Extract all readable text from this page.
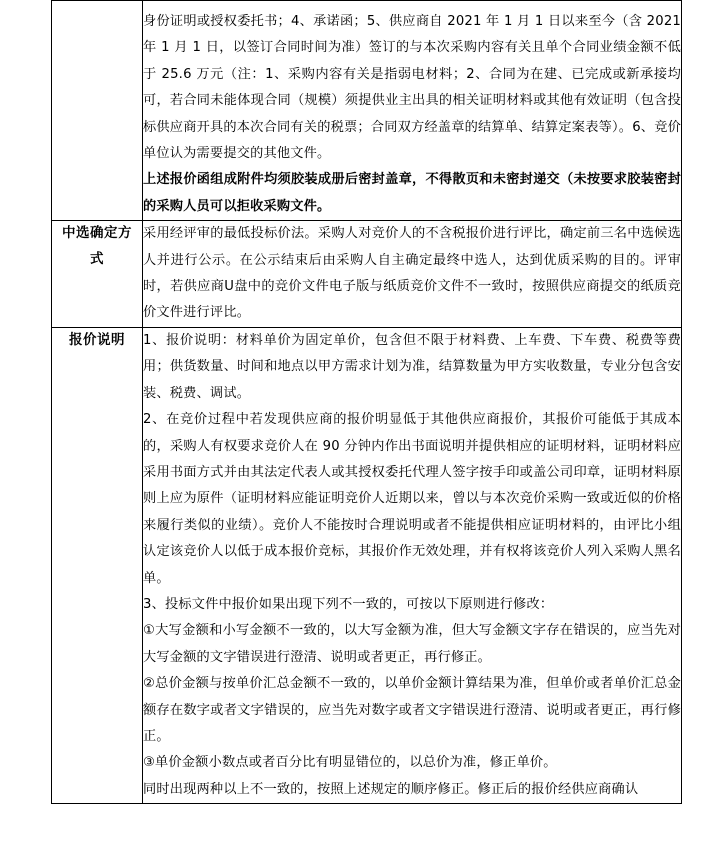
	身份证明或授权委托书；4、承诺函；5、供应商自 2021 年 1 月 1 日以来至今（含 2021 年 1 月 1 日，以签订合同时间为准）签订的与本次采购内容有关且单个合同业绩金额不低于 25.6 万元（注：1、采购内容有关是指弱电材料；2、合同为在建、已完成或新承接均可，若合同未能体现合同（规模）须提供业主出具的相关证明材料或其他有效证明（包含投标供应商开具的本次合同有关的税票；合同双方经盖章的结算单、结算定案表等）。6、竞价单位认为需要提交的其他文件。

上述报价函组成附件均须胶装成册后密封盖章，不得散页和未密封递交（未按要求胶装密封的采购人员可以拒收采购文件。

中选确定方
式	采用经评审的最低投标价法。采购人对竞价人的不含税报价进行评比，确定前三名中选候选人并进行公示。在公示结束后由采购人自主确定最终中选人，达到优质采购的目的。评审时，若供应商U盘中的竞价文件电子版与纸质竞价文件不一致时，按照供应商提交的纸质竞价文件进行评比。

报价说明	1、报价说明：材料单价为固定单价，包含但不限于材料费、上车费、下车费、税费等费用；供货数量、时间和地点以甲方需求计划为准，结算数量为甲方实收数量，专业分包含安装、税费、调试。

2、在竞价过程中若发现供应商的报价明显低于其他供应商报价，其报价可能低于其成本的，采购人有权要求竞价人在 90 分钟内作出书面说明并提供相应的证明材料，证明材料应采用书面方式并由其法定代表人或其授权委托代理人签字按手印或盖公司印章，证明材料原则上应为原件（证明材料应能证明竞价人近期以来，曾以与本次竞价采购一致或近似的价格来履行类似的业绩）。竞价人不能按时合理说明或者不能提供相应证明材料的，由评比小组认定该竞价人以低于成本报价竞标，其报价作无效处理，并有权将该竞价人列入采购人黑名单。

3、投标文件中报价如果出现下列不一致的，可按以下原则进行修改：

①大写金额和小写金额不一致的，以大写金额为准，但大写金额文字存在错误的，应当先对大写金额的文字错误进行澄清、说明或者更正，再行修正。

②总价金额与按单价汇总金额不一致的，以单价金额计算结果为准，但单价或者单价汇总金额存在数字或者文字错误的，应当先对数字或者文字错误进行澄清、说明或者更正，再行修正。

③单价金额小数点或者百分比有明显错位的，以总价为准，修正单价。

同时出现两种以上不一致的，按照上述规定的顺序修正。修正后的报价经供应商确认
